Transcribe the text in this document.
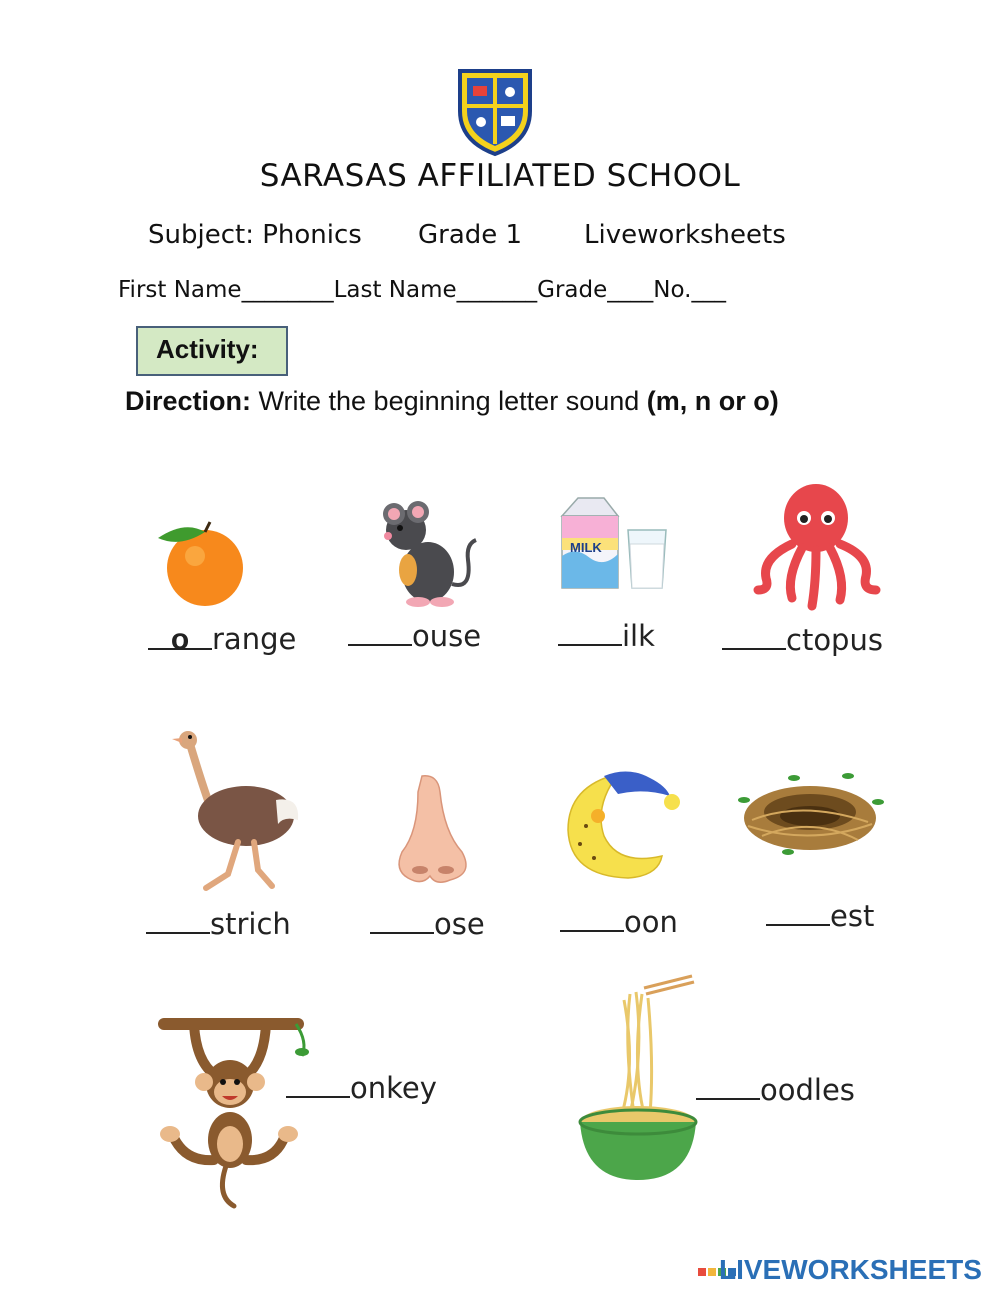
SARASAS AFFILIATED SCHOOL
Subject: Phonics Grade 1 Liveworksheets
First Name________Last Name_______Grade____No.___
Activity:
Direction: Write the beginning letter sound (m, n or o)
MILK
o range	ouse	ilk	ctopus
strich	ose	oon	est
onkey	oodles
LIVEWORKSHEETS
